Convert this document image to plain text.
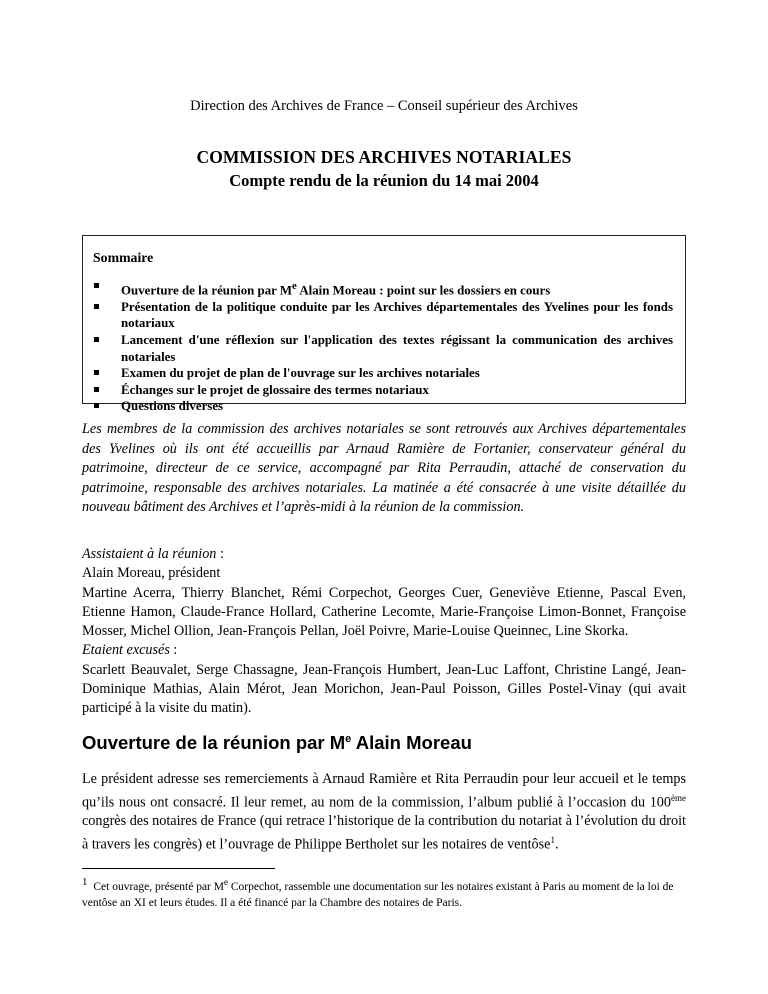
Direction des Archives de France – Conseil supérieur des Archives
COMMISSION DES ARCHIVES NOTARIALES
Compte rendu de la réunion du 14 mai 2004
Sommaire
Ouverture de la réunion par Me Alain Moreau : point sur les dossiers en cours
Présentation de la politique conduite par les Archives départementales des Yvelines pour les fonds notariaux
Lancement d'une réflexion sur l'application des textes régissant la communication des archives notariales
Examen du projet de plan de l'ouvrage sur les archives notariales
Échanges sur le projet de glossaire des termes notariaux
Questions diverses
Les membres de la commission des archives notariales se sont retrouvés aux Archives départementales des Yvelines où ils ont été accueillis par Arnaud Ramière de Fortanier, conservateur général du patrimoine, directeur de ce service, accompagné par Rita Perraudin, attaché de conservation du patrimoine, responsable des archives notariales. La matinée a été consacrée à une visite détaillée du nouveau bâtiment des Archives et l’après-midi à la réunion de la commission.
Assistaient à la réunion :
Alain Moreau, président
Martine Acerra, Thierry Blanchet, Rémi Corpechot, Georges Cuer, Geneviève Etienne, Pascal Even, Etienne Hamon, Claude-France Hollard, Catherine Lecomte, Marie-Françoise Limon-Bonnet, Françoise Mosser, Michel Ollion, Jean-François Pellan, Joël Poivre, Marie-Louise Queinnec, Line Skorka.
Etaient excusés :
Scarlett Beauvalet, Serge Chassagne, Jean-François Humbert, Jean-Luc Laffont, Christine Langé, Jean-Dominique Mathias, Alain Mérot, Jean Morichon, Jean-Paul Poisson, Gilles Postel-Vinay (qui avait participé à la visite du matin).
Ouverture de la réunion par Me Alain Moreau
Le président adresse ses remerciements à Arnaud Ramière et Rita Perraudin pour leur accueil et le temps qu’ils nous ont consacré. Il leur remet, au nom de la commission, l’album publié à l’occasion du 100ème congrès des notaires de France (qui retrace l’historique de la contribution du notariat à l’évolution du droit à travers les congrès) et l’ouvrage de Philippe Bertholet sur les notaires de ventôse$^1$.
1 Cet ouvrage, présenté par Me Corpechot, rassemble une documentation sur les notaires existant à Paris au moment de la loi de ventôse an XI et leurs études. Il a été financé par la Chambre des notaires de Paris.
